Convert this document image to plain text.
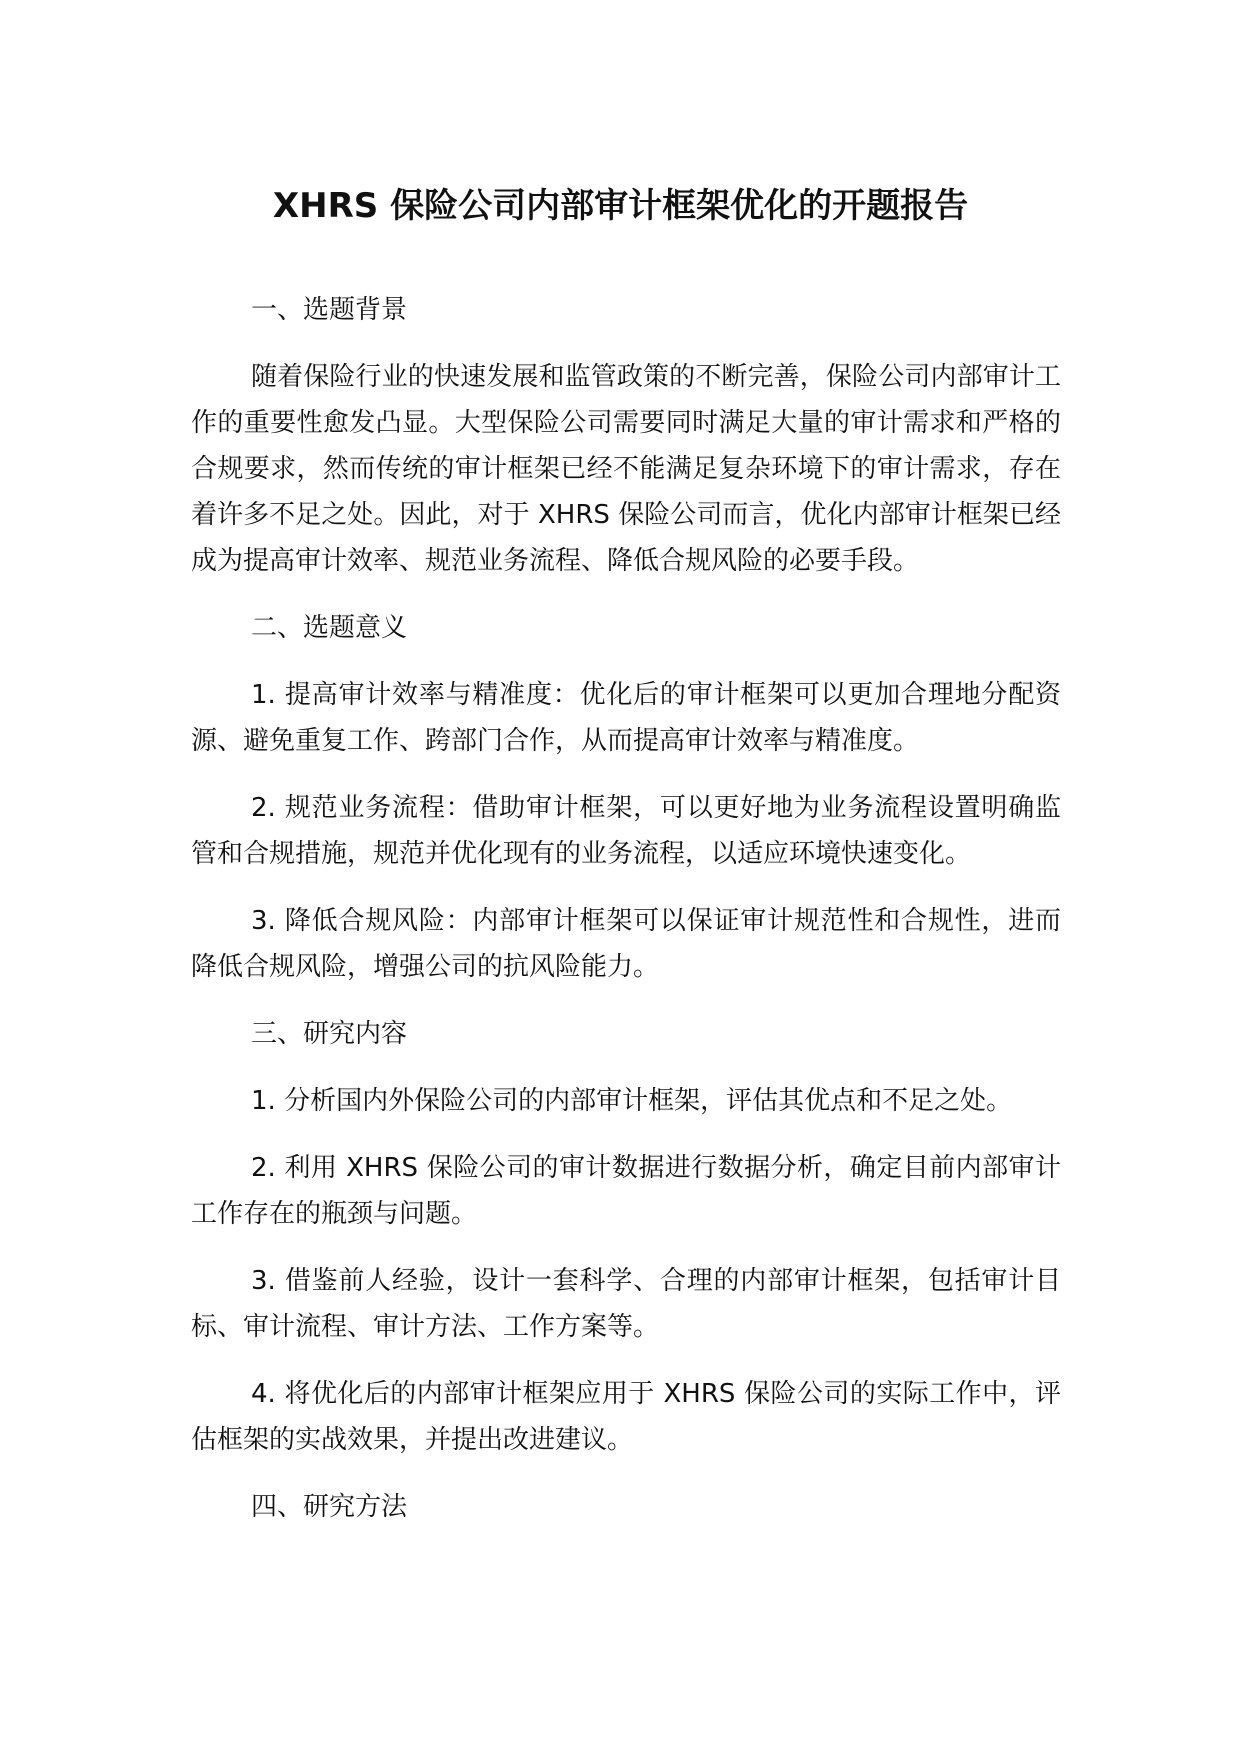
XHRS 保险公司内部审计框架优化的开题报告

一、选题背景

随着保险行业的快速发展和监管政策的不断完善，保险公司内部审计工作的重要性愈发凸显。大型保险公司需要同时满足大量的审计需求和严格的合规要求，然而传统的审计框架已经不能满足复杂环境下的审计需求，存在着许多不足之处。因此，对于 XHRS 保险公司而言，优化内部审计框架已经成为提高审计效率、规范业务流程、降低合规风险的必要手段。

二、选题意义

1. 提高审计效率与精准度：优化后的审计框架可以更加合理地分配资源、避免重复工作、跨部门合作，从而提高审计效率与精准度。

2. 规范业务流程：借助审计框架，可以更好地为业务流程设置明确监管和合规措施，规范并优化现有的业务流程，以适应环境快速变化。

3. 降低合规风险：内部审计框架可以保证审计规范性和合规性，进而降低合规风险，增强公司的抗风险能力。

三、研究内容

1. 分析国内外保险公司的内部审计框架，评估其优点和不足之处。

2. 利用 XHRS 保险公司的审计数据进行数据分析，确定目前内部审计工作存在的瓶颈与问题。

3. 借鉴前人经验，设计一套科学、合理的内部审计框架，包括审计目标、审计流程、审计方法、工作方案等。

4. 将优化后的内部审计框架应用于 XHRS 保险公司的实际工作中，评估框架的实战效果，并提出改进建议。

四、研究方法
